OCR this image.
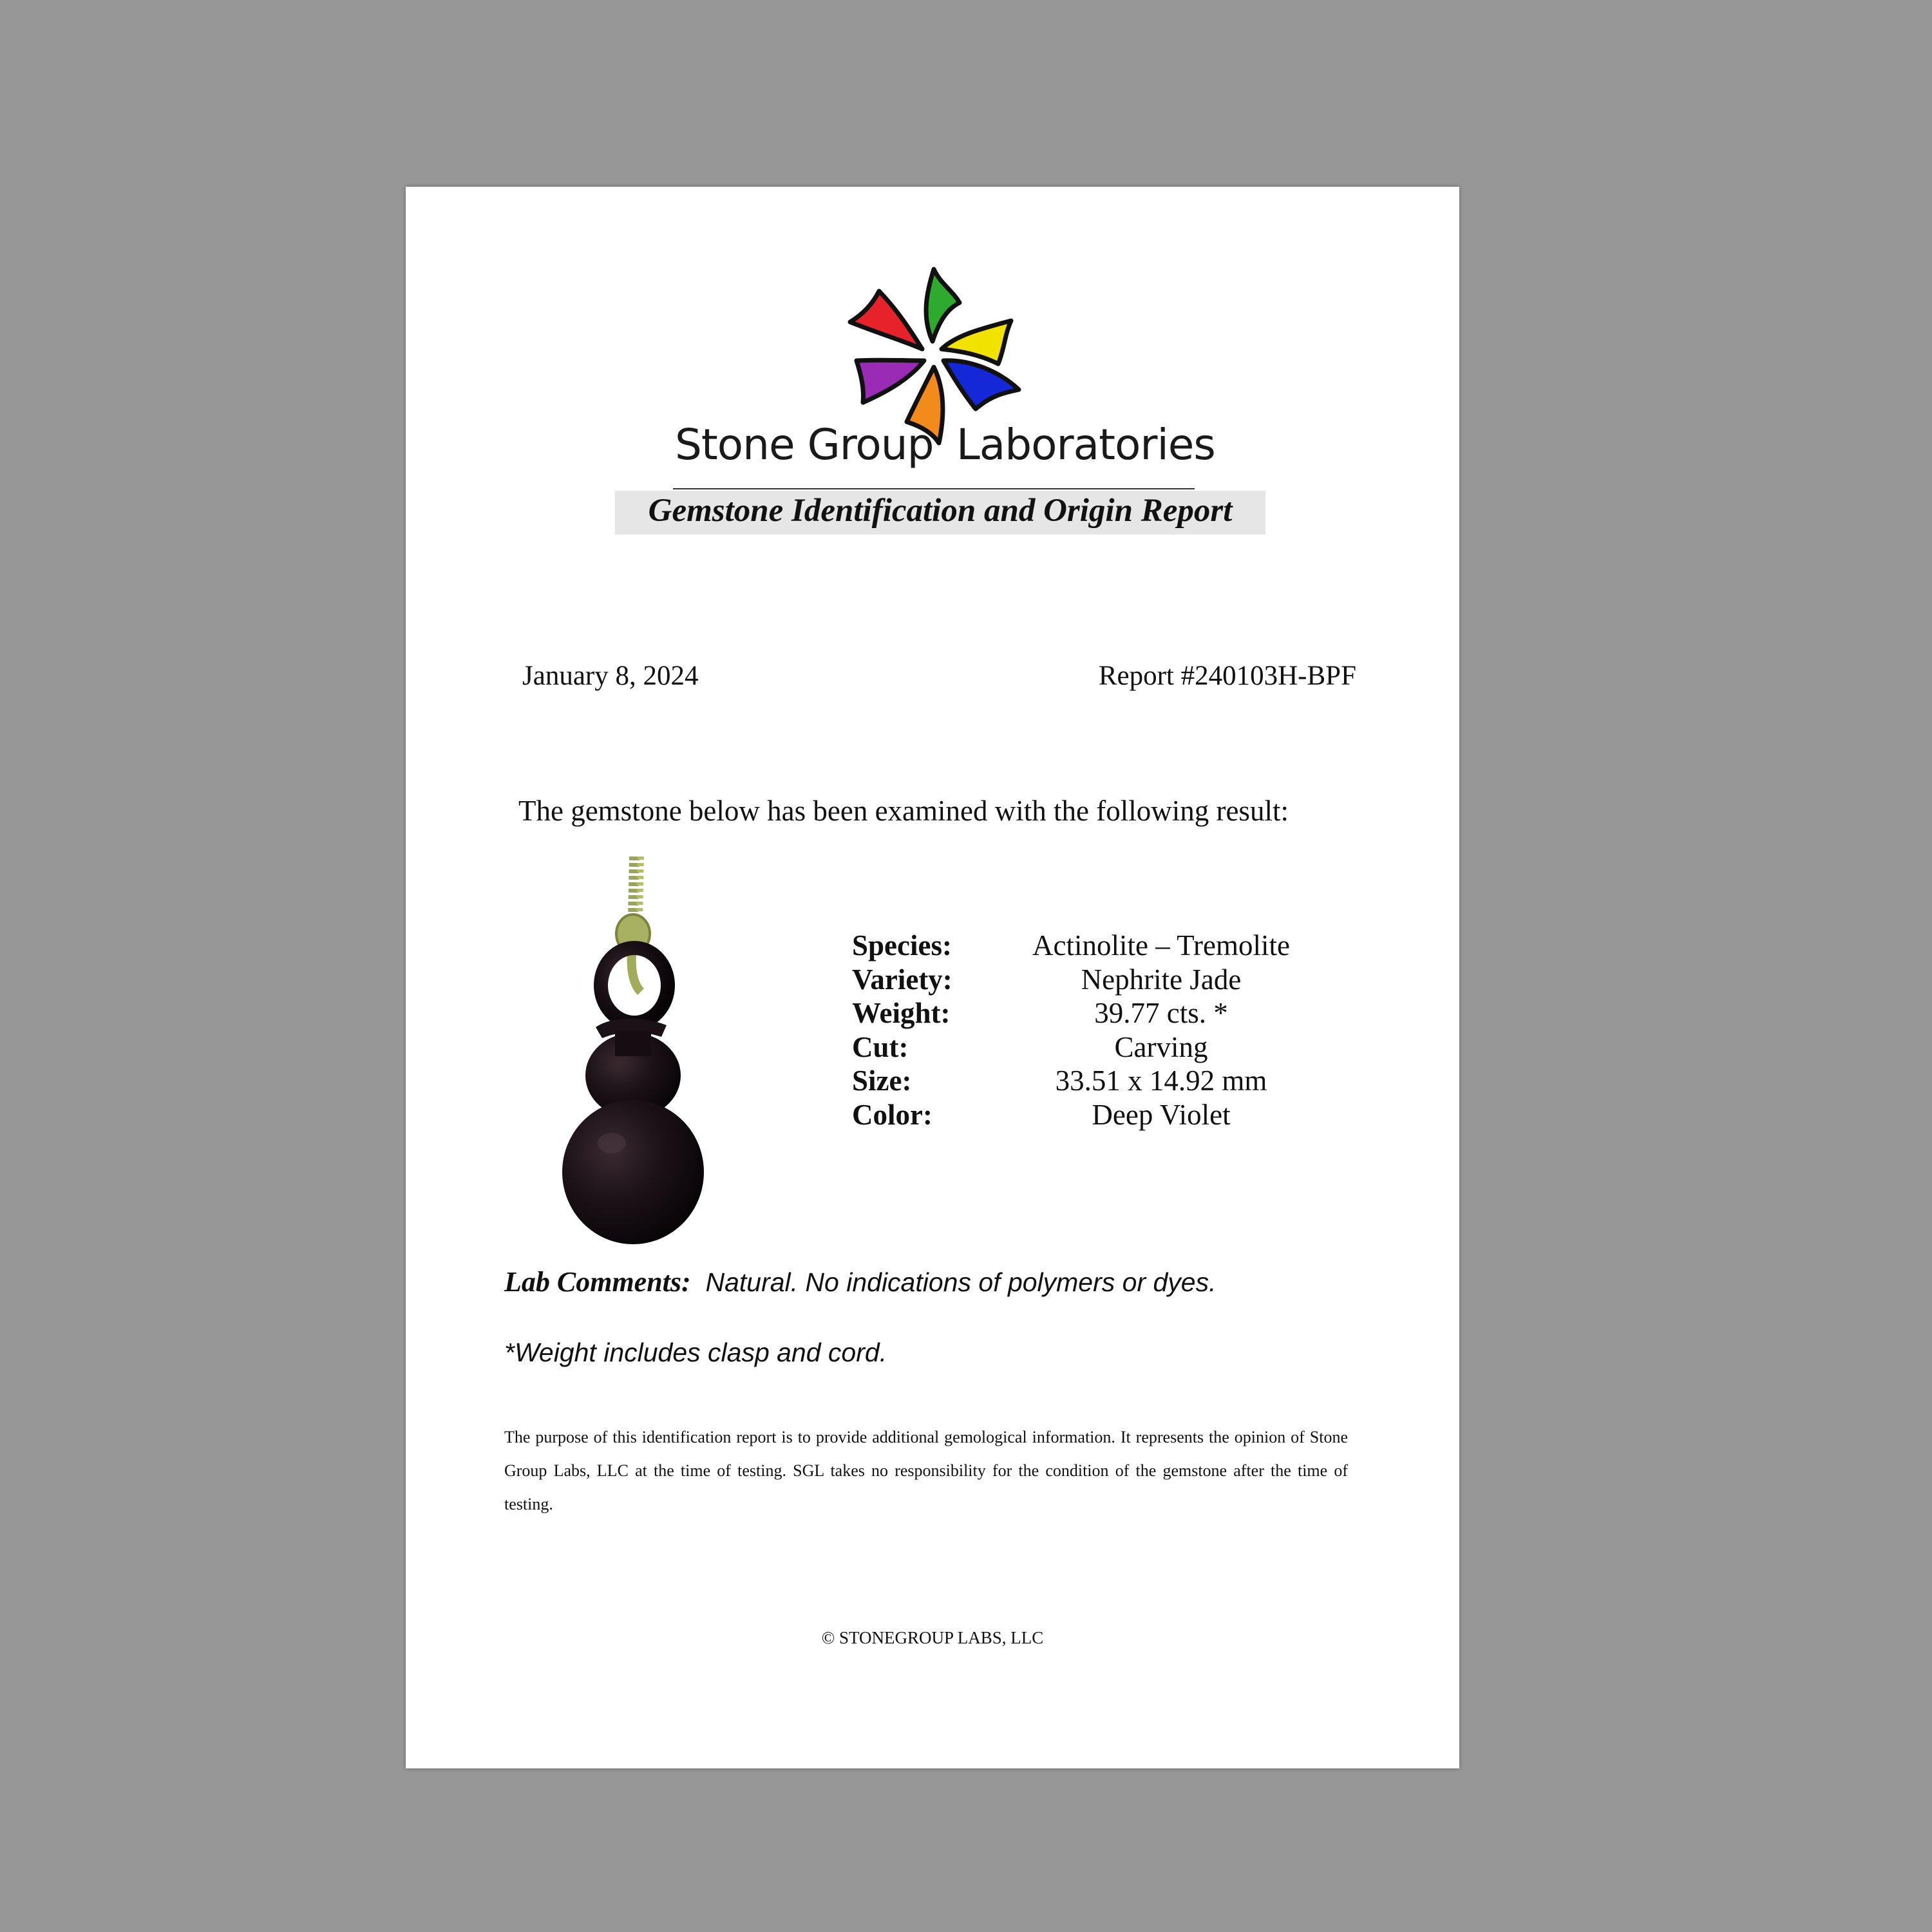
Stone Group Laboratories
Gemstone Identification and Origin Report
January 8, 2024	Report #240103H-BPF
The gemstone below has been examined with the following result:
Species:	Actinolite – Tremolite
Variety:	Nephrite Jade
Weight:	39.77 cts. *
Cut:	Carving
Size:	33.51 x 14.92 mm
Color:	Deep Violet
Lab Comments: Natural. No indications of polymers or dyes.
*Weight includes clasp and cord.
The purpose of this identification report is to provide additional gemological information. It represents the opinion of Stone Group Labs, LLC at the time of testing. SGL takes no responsibility for the condition of the gemstone after the time of testing.
© STONEGROUP LABS, LLC
